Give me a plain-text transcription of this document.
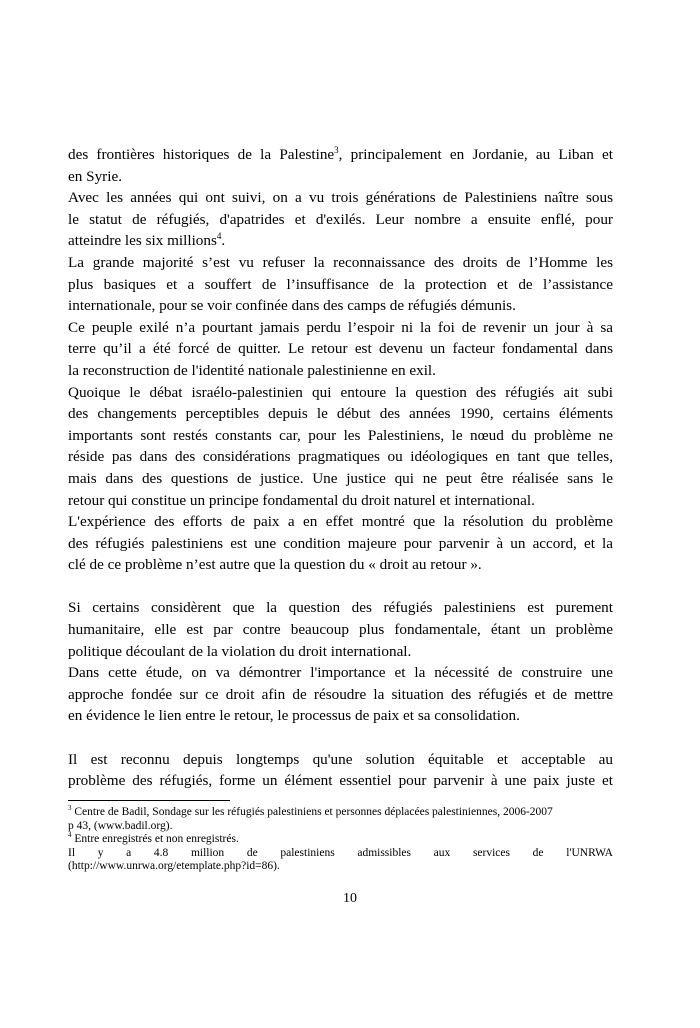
des frontières historiques de la Palestine$^3$, principalement en Jordanie, au Liban et
en Syrie.
Avec les années qui ont suivi, on a vu trois générations de Palestiniens naître sous
le statut de réfugiés, d'apatrides et d'exilés. Leur nombre a ensuite enflé, pour
atteindre les six millions$^4$.
La grande majorité s’est vu refuser la reconnaissance des droits de l’Homme les
plus basiques et a souffert de l’insuffisance de la protection et de l’assistance
internationale, pour se voir confinée dans des camps de réfugiés démunis.
Ce peuple exilé n’a pourtant jamais perdu l’espoir ni la foi de revenir un jour à sa
terre qu’il a été forcé de quitter. Le retour est devenu un facteur fondamental dans
la reconstruction de l'identité nationale palestinienne en exil.
Quoique le débat israélo-palestinien qui entoure la question des réfugiés ait subi
des changements perceptibles depuis le début des années 1990, certains éléments
importants sont restés constants car, pour les Palestiniens, le nœud du problème ne
réside pas dans des considérations pragmatiques ou idéologiques en tant que telles,
mais dans des questions de justice. Une justice qui ne peut être réalisée sans le
retour qui constitue un principe fondamental du droit naturel et international.
L'expérience des efforts de paix a en effet montré que la résolution du problème
des réfugiés palestiniens est une condition majeure pour parvenir à un accord, et la
clé de ce problème n’est autre que la question du « droit au retour ».
Si certains considèrent que la question des réfugiés palestiniens est purement
humanitaire, elle est par contre beaucoup plus fondamentale, étant un problème
politique découlant de la violation du droit international.
Dans cette étude, on va démontrer l'importance et la nécessité de construire une
approche fondée sur ce droit afin de résoudre la situation des réfugiés et de mettre
en évidence le lien entre le retour, le processus de paix et sa consolidation.
Il est reconnu depuis longtemps qu'une solution équitable et acceptable au
problème des réfugiés, forme un élément essentiel pour parvenir à une paix juste et
$^3$ Centre de Badil, Sondage sur les réfugiés palestiniens et personnes déplacées palestiniennes, 2006-2007
p 43, (www.badil.org).
$^4$ Entre enregistrés et non enregistrés.
Il y a 4.8 million de palestiniens admissibles aux services de l'UNRWA
(http://www.unrwa.org/etemplate.php?id=86).
10
